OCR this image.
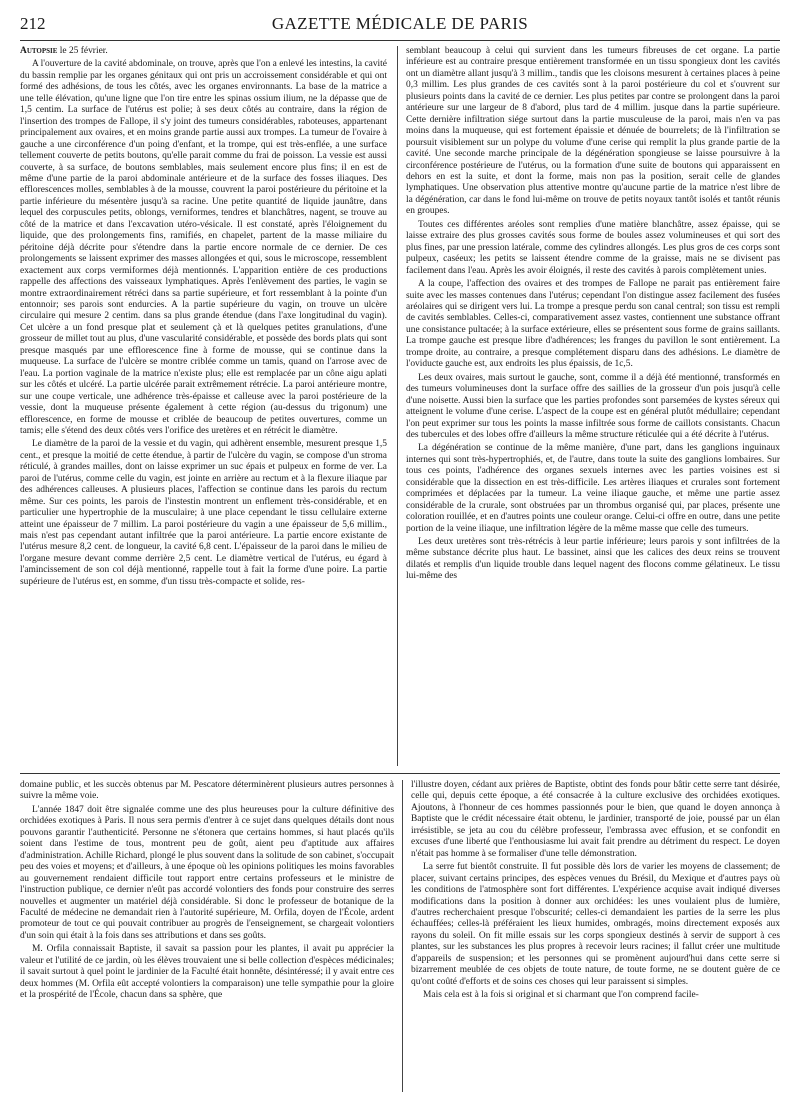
212	GAZETTE MÉDICALE DE PARIS

Autopsie le 25 février.

A l'ouverture de la cavité abdominale, on trouve, après que l'on a enlevé les intestins, la cavité du bassin remplie par les organes génitaux qui ont pris un accroissement considérable et qui ont formé des adhésions, de tous les côtés, avec les organes environnants. La base de la matrice a une telle élévation, qu'une ligne que l'on tire entre les spinas ossium ilium, ne la dépasse que de 1,5 centim. La surface de l'utérus est polie; à ses deux côtés au contraire, dans la région de l'insertion des trompes de Fallope, il s'y joint des tumeurs considérables, raboteuses, appartenant principalement aux ovaires, et en moins grande partie aussi aux trompes. La tumeur de l'ovaire à gauche a une circonférence d'un poing d'enfant, et la trompe, qui est très-enflée, a une surface tellement couverte de petits boutons, qu'elle parait comme du frai de poisson. La vessie est aussi couverte, à sa surface, de boutons semblables, mais seulement encore plus fins; il en est de même d'une partie de la paroi abdominale antérieure et de la surface des fosses iliaques. Des efflorescences molles, semblables à de la mousse, couvrent la paroi postérieure du péritoine et la partie inférieure du mésentère jusqu'à sa racine. Une petite quantité de liquide jaunâtre, dans lequel des corpuscules petits, oblongs, verniformes, tendres et blanchâtres, nagent, se trouve au côté de la matrice et dans l'excavation utéro-vésicale. Il est constaté, après l'éloignement du liquide, que des prolongements fins, ramifiés, en chapelet, partent de la masse miliaire du péritoine déjà décrite pour s'étendre dans la partie encore normale de ce dernier. De ces prolongements se laissent exprimer des masses allongées et qui, sous le microscope, ressemblent exactement aux corps vermiformes déjà mentionnés. L'apparition entière de ces productions rappelle des affections des vaisseaux lymphatiques. Après l'enlèvement des parties, le vagin se montre extraordinairement rétréci dans sa partie supérieure, et fort ressemblant à la pointe d'un entonnoir; ses parois sont endurcies. A la partie supérieure du vagin, on trouve un ulcère circulaire qui mesure 2 centim. dans sa plus grande étendue (dans l'axe longitudinal du vagin). Cet ulcère a un fond presque plat et seulement çà et là quelques petites granulations, d'une grosseur de millet tout au plus, d'une vascularité considérable, et possède des bords plats qui sont presque masqués par une efflorescence fine à forme de mousse, qui se continue dans la muqueuse. La surface de l'ulcère se montre criblée comme un tamis, quand on l'arrose avec de l'eau. La portion vaginale de la matrice n'existe plus; elle est remplacée par un cône aigu aplati sur les côtés et ulcéré. La partie ulcérée parait extrêmement rétrécie. La paroi antérieure montre, sur une coupe verticale, une adhérence très-épaisse et calleuse avec la paroi postérieure de la vessie, dont la muqueuse présente également à cette région (au-dessus du trigonum) une efflorescence, en forme de mousse et criblée de beaucoup de petites ouvertures, comme un tamis; elle s'étend des deux côtés vers l'orifice des uretères et en rétrécit le diamètre.

Le diamètre de la paroi de la vessie et du vagin, qui adhèrent ensemble, mesurent presque 1,5 cent., et presque la moitié de cette étendue, à partir de l'ulcère du vagin, se compose d'un stroma réticulé, à grandes mailles, dont on laisse exprimer un suc épais et pulpeux en forme de ver. La paroi de l'utérus, comme celle du vagin, est jointe en arrière au rectum et à la flexure iliaque par des adhérences calleuses. A plusieurs places, l'affection se continue dans les parois du rectum même. Sur ces points, les parois de l'instestin montrent un enflement très-considérable, et en particulier une hypertrophie de la musculaire; à une place cependant le tissu cellulaire externe atteint une épaisseur de 7 millim. La paroi postérieure du vagin a une épaisseur de 5,6 millim., mais n'est pas cependant autant infiltrée que la paroi antérieure. La partie encore existante de l'utérus mesure 8,2 cent. de longueur, la cavité 6,8 cent. L'épaisseur de la paroi dans le milieu de l'organe mesure devant comme derrière 2,5 cent. Le diamètre vertical de l'utérus, eu égard à l'amincissement de son col déjà mentionné, rappelle tout à fait la forme d'une poire. La partie supérieure de l'utérus est, en somme, d'un tissu très-compacte et solide, res-

semblant beaucoup à celui qui survient dans les tumeurs fibreuses de cet organe. La partie inférieure est au contraire presque entièrement transformée en un tissu spongieux dont les cavités ont un diamètre allant jusqu'à 3 millim., tandis que les cloisons mesurent à certaines places à peine 0,3 millim. Les plus grandes de ces cavités sont à la paroi postérieure du col et s'ouvrent sur plusieurs points dans la cavité de ce dernier. Les plus petites par contre se prolongent dans la paroi antérieure sur une largeur de 8 d'abord, plus tard de 4 millim. jusque dans la partie supérieure. Cette dernière infiltration siége surtout dans la partie musculeuse de la paroi, mais n'en va pas moins dans la muqueuse, qui est fortement épaissie et dénuée de bourrelets; de là l'infiltration se poursuit visiblement sur un polype du volume d'une cerise qui remplit la plus grande partie de la cavité. Une seconde marche principale de la dégénération spongieuse se laisse poursuivre à la circonférence postérieure de l'utérus, ou la formation d'une suite de boutons qui apparaissent en dehors en est la suite, et dont la forme, mais non pas la position, serait celle de glandes lymphatiques. Une observation plus attentive montre qu'aucune partie de la matrice n'est libre de la dégénération, car dans le fond lui-même on trouve de petits noyaux tantôt isolés et tantôt réunis en groupes.

Toutes ces différentes aréoles sont remplies d'une matière blanchâtre, assez épaisse, qui se laisse extraire des plus grosses cavités sous forme de boules assez volumineuses et qui sort des plus fines, par une pression latérale, comme des cylindres allongés. Les plus gros de ces corps sont pulpeux, caséeux; les petits se laissent étendre comme de la graisse, mais ne se divisent pas facilement dans l'eau. Après les avoir éloignés, il reste des cavités à parois complètement unies.

A la coupe, l'affection des ovaires et des trompes de Fallope ne parait pas entièrement faire suite avec les masses contenues dans l'utérus; cependant l'on distingue assez facilement des fusées aréolaires qui se dirigent vers lui. La trompe a presque perdu son canal central; son tissu est rempli de cavités semblables. Celles-ci, comparativement assez vastes, contiennent une substance offrant une consistance pultacée; à la surface extérieure, elles se présentent sous forme de grains saillants. La trompe gauche est presque libre d'adhérences; les franges du pavillon le sont entièrement. La trompe droite, au contraire, a presque complétement disparu dans des adhésions. Le diamètre de l'oviducte gauche est, aux endroits les plus épaissis, de 1c,5.

Les deux ovaires, mais surtout le gauche, sont, comme il a déjà été mentionné, transformés en des tumeurs volumineuses dont la surface offre des saillies de la grosseur d'un pois jusqu'à celle d'une noisette. Aussi bien la surface que les parties profondes sont parsemées de kystes séreux qui atteignent le volume d'une cerise. L'aspect de la coupe est en général plutôt médullaire; cependant l'on peut exprimer sur tous les points la masse infiltrée sous forme de caillots consistants. Chacun des tubercules et des lobes offre d'ailleurs la même structure réticulée qui a été décrite à l'utérus.

La dégénération se continue de la même manière, d'une part, dans les ganglions inguinaux internes qui sont très-hypertrophiés, et, de l'autre, dans toute la suite des ganglions lombaires. Sur tous ces points, l'adhérence des organes sexuels internes avec les parties voisines est si considérable que la dissection en est très-difficile. Les artères iliaques et crurales sont fortement comprimées et déplacées par la tumeur. La veine iliaque gauche, et même une partie assez considérable de la crurale, sont obstruées par un thrombus organisé qui, par places, présente une coloration rouillée, et en d'autres points une couleur orange. Celui-ci offre en outre, dans une petite portion de la veine iliaque, une infiltration légère de la même masse que celle des tumeurs.

Les deux uretères sont très-rétrécis à leur partie inférieure; leurs parois y sont infiltrées de la même substance décrite plus haut. Le bassinet, ainsi que les calices des deux reins se trouvent dilatés et remplis d'un liquide trouble dans lequel nagent des flocons comme gélatineux. Le tissu lui-même des

domaine public, et les succès obtenus par M. Pescatore déterminèrent plusieurs autres personnes à suivre la même voie.

L'année 1847 doit être signalée comme une des plus heureuses pour la culture définitive des orchidées exotiques à Paris. Il nous sera permis d'entrer à ce sujet dans quelques détails dont nous pouvons garantir l'authenticité. Personne ne s'étonera que certains hommes, si haut placés qu'ils soient dans l'estime de tous, montrent peu de goût, aient peu d'aptitude aux affaires d'administration. Achille Richard, plongé le plus souvent dans la solitude de son cabinet, s'occupait peu des voies et moyens; et d'ailleurs, à une époque où les opinions politiques les moins favorables au gouvernement rendaient difficile tout rapport entre certains professeurs et le ministre de l'instruction publique, ce dernier n'eût pas accordé volontiers des fonds pour construire des serres nouvelles et augmenter un matériel déjà considérable. Si donc le professeur de botanique de la Faculté de médecine ne demandait rien à l'autorité supérieure, M. Orfila, doyen de l'École, ardent promoteur de tout ce qui pouvait contribuer au progrès de l'enseignement, se chargeait volontiers d'un soin qui était à la fois dans ses attributions et dans ses goûts.

M. Orfila connaissait Baptiste, il savait sa passion pour les plantes, il avait pu apprécier la valeur et l'utilité de ce jardin, où les élèves trouvaient une si belle collection d'espèces médicinales; il savait surtout à quel point le jardinier de la Faculté était honnête, désintéressé; il y avait entre ces deux hommes (M. Orfila eût accepté volontiers la comparaison) une telle sympathie pour la gloire et la prospérité de l'École, chacun dans sa sphère, que

l'illustre doyen, cédant aux prières de Baptiste, obtint des fonds pour bâtir cette serre tant désirée, celle qui, depuis cette époque, a été consacrée à la culture exclusive des orchidées exotiques. Ajoutons, à l'honneur de ces hommes passionnés pour le bien, que quand le doyen annonça à Baptiste que le crédit nécessaire était obtenu, le jardinier, transporté de joie, poussé par un élan irrésistible, se jeta au cou du célèbre professeur, l'embrassa avec effusion, et se confondit en excuses d'une liberté que l'enthousiasme lui avait fait prendre au détriment du respect. Le doyen n'était pas homme à se formaliser d'une telle démonstration.

La serre fut bientôt construite. Il fut possible dès lors de varier les moyens de classement; de placer, suivant certains principes, des espèces venues du Brésil, du Mexique et d'autres pays où les conditions de l'atmosphère sont fort différentes. L'expérience acquise avait indiqué diverses modifications dans la position à donner aux orchidées: les unes voulaient plus de lumière, d'autres recherchaient presque l'obscurité; celles-ci demandaient les parties de la serre les plus échauffées; celles-là préféraient les lieux humides, ombragés, moins directement exposés aux rayons du soleil. On fit mille essais sur les corps spongieux destinés à servir de support à ces plantes, sur les substances les plus propres à recevoir leurs racines; il fallut créer une multitude d'appareils de suspension; et les personnes qui se promènent aujourd'hui dans cette serre si bizarrement meublée de ces objets de toute nature, de toute forme, ne se doutent guère de ce qu'ont coûté d'efforts et de soins ces choses qui leur paraissent si simples.

Mais cela est à la fois si original et si charmant que l'on comprend facile-
